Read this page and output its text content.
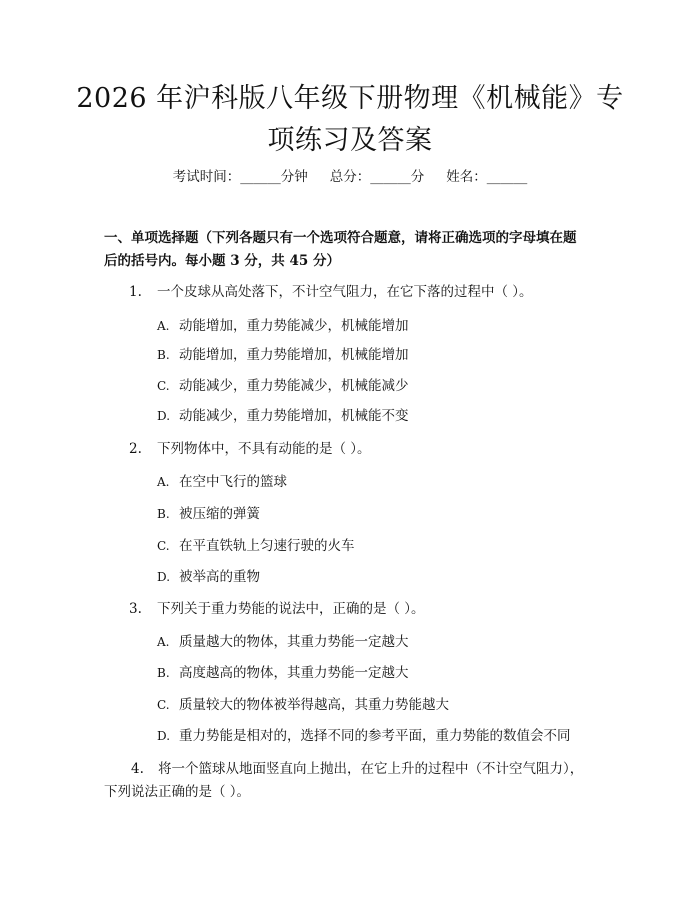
2026 年沪科版八年级下册物理《机械能》专
项练习及答案
考试时间：______分钟 总分：______分 姓名：______
一、单项选择题（下列各题只有一个选项符合题意，请将正确选项的字母填在题
后的括号内。每小题 3 分，共 45 分）
1. 一个皮球从高处落下，不计空气阻力，在它下落的过程中（ ）。
A. 动能增加，重力势能减少，机械能增加
B. 动能增加，重力势能增加，机械能增加
C. 动能减少，重力势能减少，机械能减少
D. 动能减少，重力势能增加，机械能不变
2. 下列物体中，不具有动能的是（ ）。
A. 在空中飞行的篮球
B. 被压缩的弹簧
C. 在平直铁轨上匀速行驶的火车
D. 被举高的重物
3. 下列关于重力势能的说法中，正确的是（ ）。
A. 质量越大的物体，其重力势能一定越大
B. 高度越高的物体，其重力势能一定越大
C. 质量较大的物体被举得越高，其重力势能越大
D. 重力势能是相对的，选择不同的参考平面，重力势能的数值会不同
4. 将一个篮球从地面竖直向上抛出，在它上升的过程中（不计空气阻力），
下列说法正确的是（ ）。
